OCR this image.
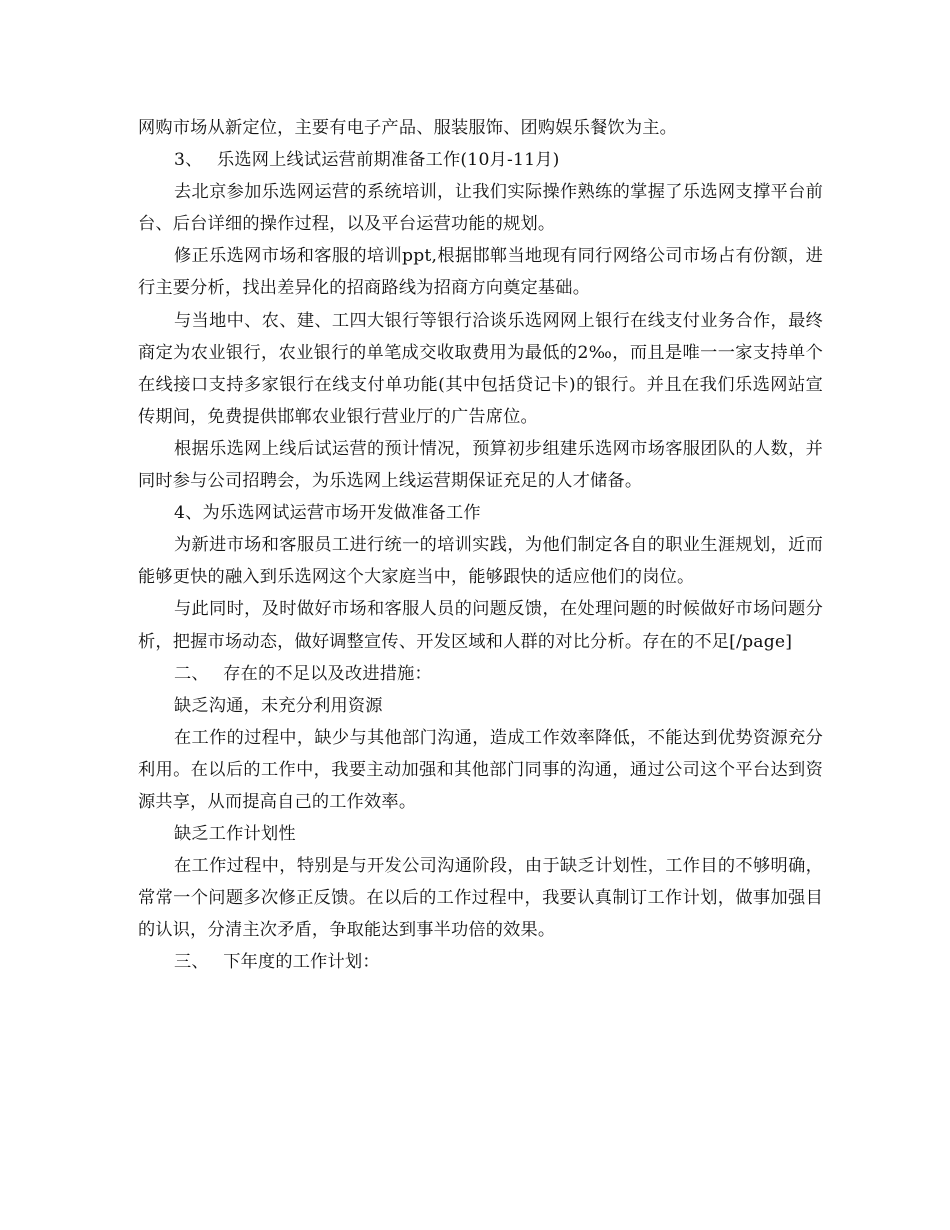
网购市场从新定位，主要有电子产品、服装服饰、团购娱乐餐饮为主。

3、　 乐选网上线试运营前期准备工作(10月-11月)

去北京参加乐选网运营的系统培训，让我们实际操作熟练的掌握了乐选网支撑平台前台、后台详细的操作过程，以及平台运营功能的规划。

修正乐选网市场和客服的培训ppt,根据邯郸当地现有同行网络公司市场占有份额，进行主要分析，找出差异化的招商路线为招商方向奠定基础。

与当地中、农、建、工四大银行等银行洽谈乐选网网上银行在线支付业务合作，最终商定为农业银行，农业银行的单笔成交收取费用为最低的2‰，而且是唯一一家支持单个在线接口支持多家银行在线支付单功能(其中包括贷记卡)的银行。并且在我们乐选网站宣传期间，免费提供邯郸农业银行营业厅的广告席位。

根据乐选网上线后试运营的预计情况，预算初步组建乐选网市场客服团队的人数，并同时参与公司招聘会，为乐选网上线运营期保证充足的人才储备。

4、为乐选网试运营市场开发做准备工作

为新进市场和客服员工进行统一的培训实践，为他们制定各自的职业生涯规划，近而能够更快的融入到乐选网这个大家庭当中，能够跟快的适应他们的岗位。

与此同时，及时做好市场和客服人员的问题反馈，在处理问题的时候做好市场问题分析，把握市场动态，做好调整宣传、开发区域和人群的对比分析。存在的不足[/page]

二、　 存在的不足以及改进措施：

缺乏沟通，未充分利用资源

在工作的过程中，缺少与其他部门沟通，造成工作效率降低，不能达到优势资源充分利用。在以后的工作中，我要主动加强和其他部门同事的沟通，通过公司这个平台达到资源共享，从而提高自己的工作效率。

缺乏工作计划性

在工作过程中，特别是与开发公司沟通阶段，由于缺乏计划性，工作目的不够明确，常常一个问题多次修正反馈。在以后的工作过程中，我要认真制订工作计划，做事加强目的认识，分清主次矛盾，争取能达到事半功倍的效果。

三、　 下年度的工作计划：
